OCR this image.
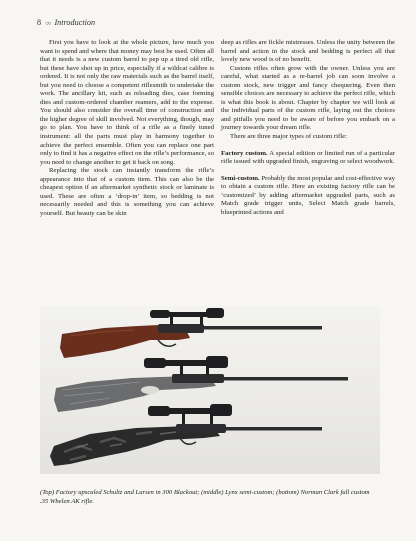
8 ○○ Introduction

First you have to look at the whole picture, how much you want to spend and where that money may best be used. Often all that it needs is a new custom barrel to pep up a tired old rifle, but these have shot up in price, especially if a wildcat calibre is ordered. It is not only the raw materials such as the barrel itself, but you need to choose a competent riflesmith to undertake the work. The ancillary kit, such as reloading dies, case forming dies and custom-ordered chamber reamers, add to the expense. You should also consider the overall time of construction and the higher degree of skill involved. Not everything, though, may go to plan. You have to think of a rifle as a finely tuned instrument: all the parts must play in harmony together to achieve the perfect ensemble. Often you can replace one part only to find it has a negative effect on the rifle’s performance, so you need to change another to get it back on song.

Replacing the stock can instantly transform the rifle’s appearance into that of a custom item. This can also be the cheapest option if an aftermarket synthetic stock or laminate is used. These are often a ‘drop-in’ item, so bedding is not necessarily needed and this is something you can achieve yourself. But beauty can be skin

deep as rifles are fickle mistresses. Unless the unity between the barrel and action in the stock and bedding is perfect all that lovely new wood is of no benefit.

Custom rifles often grow with the owner. Unless you are careful, what started as a re-barrel job can soon involve a custom stock, new trigger and fancy chequering. Even then sensible choices are necessary to achieve the perfect rifle, which is what this book is about. Chapter by chapter we will look at the individual parts of the custom rifle, laying out the choices and pitfalls you need to be aware of before you embark on a journey towards your dream rifle.

There are three major types of custom rifle:

Factory custom. A special edition or limited run of a particular rifle issued with upgraded finish, engraving or select woodwork.

Semi-custom. Probably the most popular and cost-effective way to obtain a custom rifle. Here an existing factory rifle can be ‘customized’ by adding aftermarket upgraded parts, such as Match grade trigger units, Select Match grade barrels, blueprinted actions and

(Top) Factory upscaled Schultz and Larsen in 300 Blackout; (middle) Lynx semi-custom; (bottom) Norman Clark full custom .35 Whelen AK rifle.
